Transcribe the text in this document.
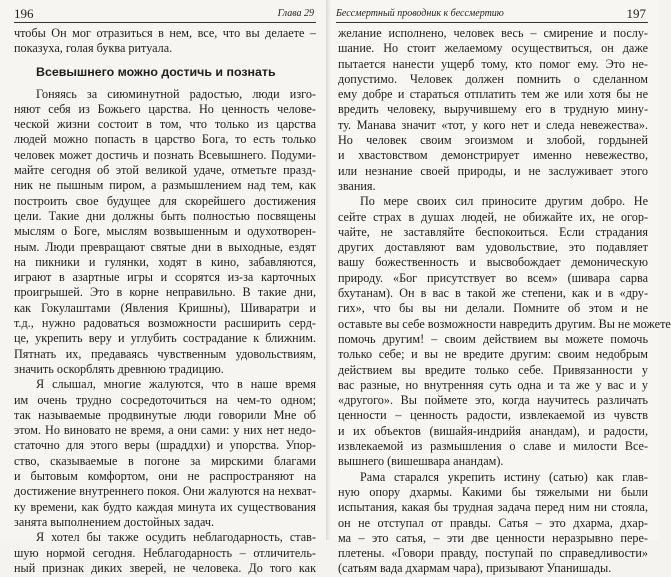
196	Глава 29
чтобы Он мог отразиться в нем, все, что вы делаете –
показуха, голая буква ритуала.
Всевышнего можно достичь и познать
Гоняясь за сиюминутной радостью, люди изго-
няют себя из Божьего царства. Но ценность челове-
ческой жизни состоит в том, что только из царства
людей можно попасть в царство Бога, то есть только
человек может достичь и познать Всевышнего. Подуми-
майте сегодня об этой великой удаче, отметьте празд-
ник не пышным пиром, а размышлением над тем, как
построить свое будущее для скорейшего достижения
цели. Такие дни должны быть полностью посвящены
мыслям о Боге, мыслям возвышенным и одухотворен-
ным. Люди превращают святые дни в выходные, ездят
на пикники и гулянки, ходят в кино, забавляются,
играют в азартные игры и ссорятся из-за карточных
проигрышей. Это в корне неправильно. В такие дни,
как Гокулаштами (Явления Кришны), Шиваратри и
т.д., нужно радоваться возможности расширить серд-
це, укрепить веру и углубить сострадание к ближним.
Пятнать их, предаваясь чувственным удовольствиям,
значить оскорблять древнюю традицию.
Я слышал, многие жалуются, что в наше время
им очень трудно сосредоточиться на чем-то одном;
так называемые продвинутые люди говорили Мне об
этом. Но виновато не время, а они сами: у них нет недо-
статочно для этого веры (шраддхи) и упорства. Упор-
ство, сказываемые в погоне за мирскими благами
и бытовым комфортом, они не распространяют на
достижение внутреннего покоя. Они жалуются на нехват-
ку времени, как будто каждая минута их существования
занята выполнением достойных задач.
Я хотел бы также осудить неблагодарность, став-
шую нормой сегодня. Неблагодарность – отличитель-
ный признак диких зверей, не человека. До того как
Бессмертный проводник к бессмертию	197
желание исполнено, человек весь – смирение и послу-
шание. Но стоит желаемому осуществиться, он даже
пытается нанести ущерб тому, кто помог ему. Это не-
допустимо. Человек должен помнить о сделанном
ему добре и стараться отплатить тем же или хотя бы не
вредить человеку, выручившему его в трудную мину-
ту. Манава значит «тот, у кого нет и следа невежества».
Но человек своим эгоизмом и злобой, гордыней
и хвастовством демонстрирует именно невежество,
или незнание своей природы, и не заслуживает этого
звания.
По мере своих сил приносите другим добро. Не
сейте страх в душах людей, не обижайте их, не огор-
чайте, не заставляйте беспокоиться. Если страдания
других доставляют вам удовольствие, это подавляет
вашу божественность и высвобождает демоническую
природу. «Бог присутствует во всем» (шивара сарва
бхутанам). Он в вас в такой же степени, как и в «дру-
гих», что бы вы ни делали. Помните об этом и не
оставьте вы себе возможности навредить другим. Вы не можете
помочь другим! – своим действием вы можете помочь
только себе; и вы не вредите другим: своим недобрым
действием вы вредите только себе. Привязанности у
вас разные, но внутренняя суть одна и та же у вас и у
«другого». Вы поймете это, когда научитесь различать
ценности – ценность радости, извлекаемой из чувств
и их объектов (вишайя-индрийя анандам), и радости,
извлекаемой из размышления о славе и милости Все-
вышнего (вишешвара анандам).
Рама старался укрепить истину (сатью) как глав-
ную опору дхармы. Какими бы тяжелыми ни были
испытания, какая бы трудная задача перед ним ни стояла,
он не отступал от правды. Сатья – это дхарма, дхар-
ма – это сатья, – эти две ценности неразрывно пере-
плетены. «Говори правду, поступай по справедливости»
(сатьям вада дхармам чара), призывают Упанишады.
